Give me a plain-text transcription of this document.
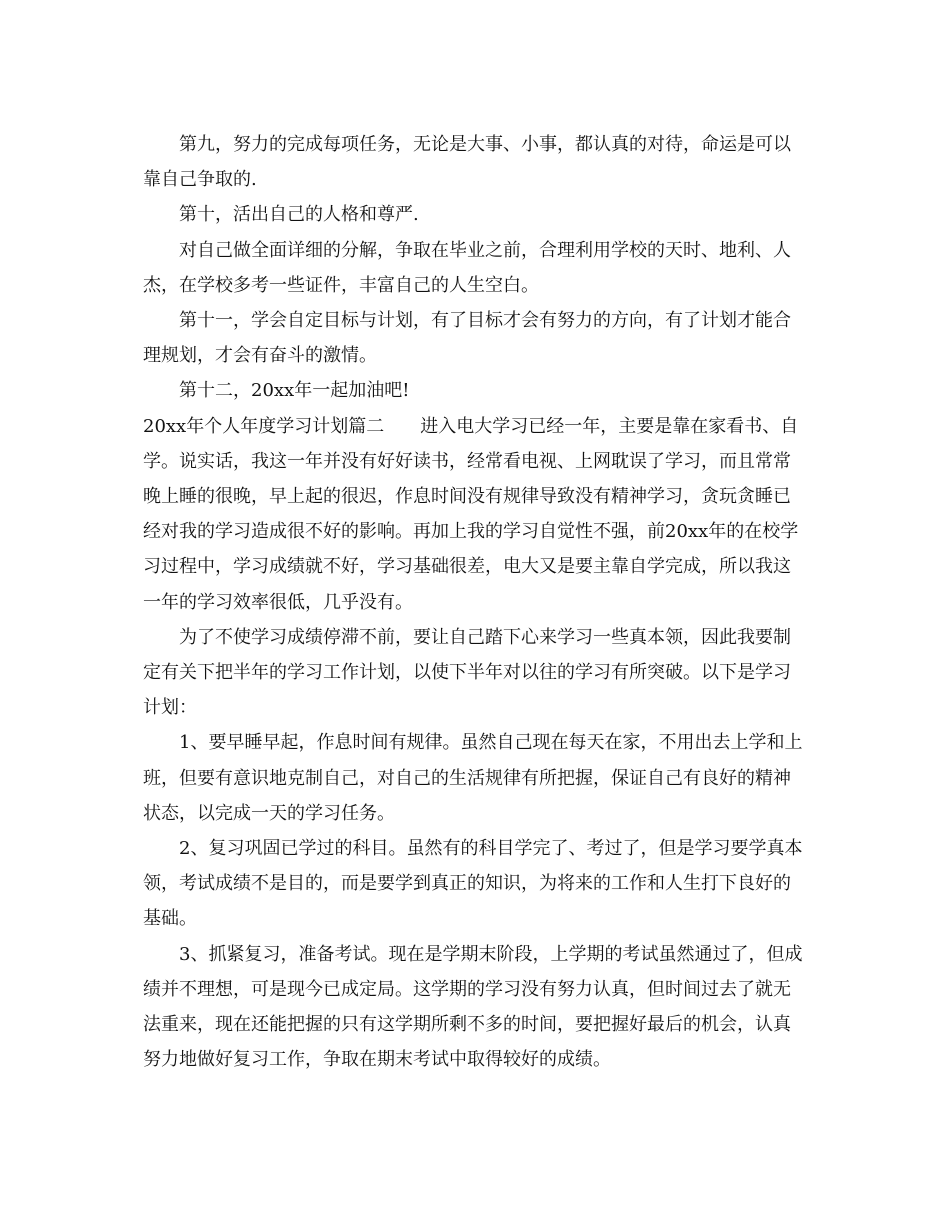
第九，努力的完成每项任务，无论是大事、小事，都认真的对待，命运是可以靠自己争取的.

第十，活出自己的人格和尊严.

对自己做全面详细的分解，争取在毕业之前，合理利用学校的天时、地利、人杰，在学校多考一些证件，丰富自己的人生空白。

第十一，学会自定目标与计划，有了目标才会有努力的方向，有了计划才能合理规划，才会有奋斗的激情。

第十二，20xx年一起加油吧!

20xx年个人年度学习计划篇二　　进入电大学习已经一年，主要是靠在家看书、自学。说实话，我这一年并没有好好读书，经常看电视、上网耽误了学习，而且常常晚上睡的很晚，早上起的很迟，作息时间没有规律导致没有精神学习，贪玩贪睡已经对我的学习造成很不好的影响。再加上我的学习自觉性不强，前20xx年的在校学习过程中，学习成绩就不好，学习基础很差，电大又是要主靠自学完成，所以我这一年的学习效率很低，几乎没有。

为了不使学习成绩停滞不前，要让自己踏下心来学习一些真本领，因此我要制定有关下把半年的学习工作计划，以使下半年对以往的学习有所突破。以下是学习计划：

1、要早睡早起，作息时间有规律。虽然自己现在每天在家，不用出去上学和上班，但要有意识地克制自己，对自己的生活规律有所把握，保证自己有良好的精神状态，以完成一天的学习任务。

2、复习巩固已学过的科目。虽然有的科目学完了、考过了，但是学习要学真本领，考试成绩不是目的，而是要学到真正的知识，为将来的工作和人生打下良好的基础。

3、抓紧复习，准备考试。现在是学期末阶段，上学期的考试虽然通过了，但成绩并不理想，可是现今已成定局。这学期的学习没有努力认真，但时间过去了就无法重来，现在还能把握的只有这学期所剩不多的时间，要把握好最后的机会，认真努力地做好复习工作，争取在期末考试中取得较好的成绩。
